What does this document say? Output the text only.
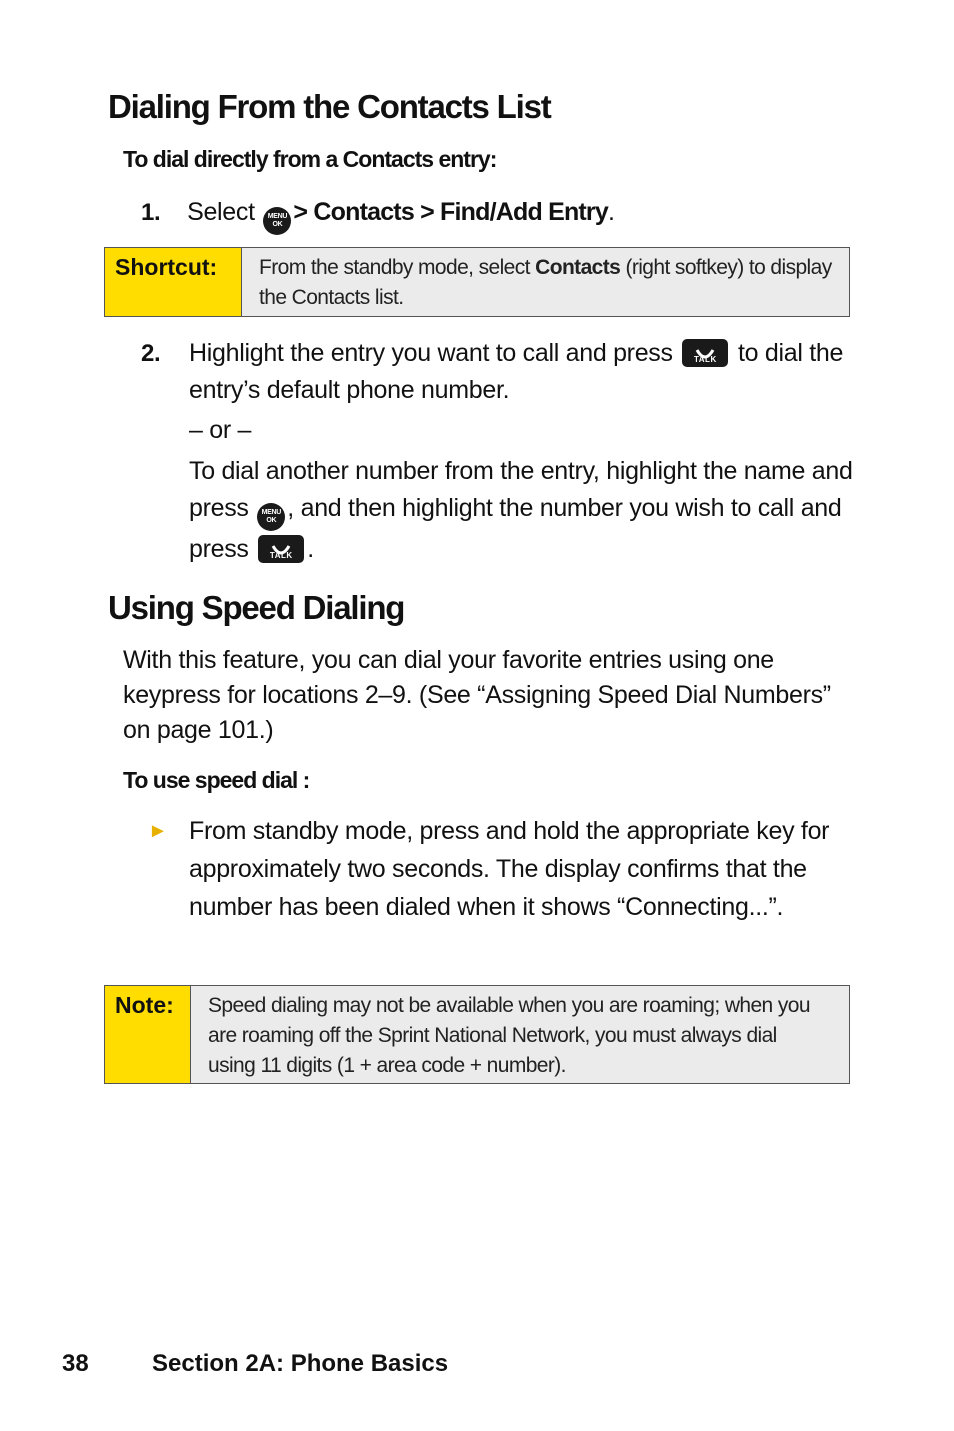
Dialing From the Contacts List
To dial directly from a Contacts entry:
1. Select	MENU
OK > Contacts > Find/Add Entry.
Shortcut:	From the standby mode, select Contacts (right softkey) to display the Contacts list.
2. Highlight the entry you want to call and press	TALK to dial the entry’s default phone number.
– or –
To dial another number from the entry, highlight the name and press	MENU
OK , and then highlight the number you wish to call and press	TALK .
Using Speed Dialing
With this feature, you can dial your favorite entries using one keypress for locations 2–9. (See “Assigning Speed Dial Numbers” on page 101.)
To use speed dial :
► From standby mode, press and hold the appropriate key for approximately two seconds. The display confirms that the number has been dialed when it shows “Connecting...”.
Note:	Speed dialing may not be available when you are roaming; when you are roaming off the Sprint National Network, you must always dial using 11 digits (1 + area code + number).
38	Section 2A: Phone Basics
